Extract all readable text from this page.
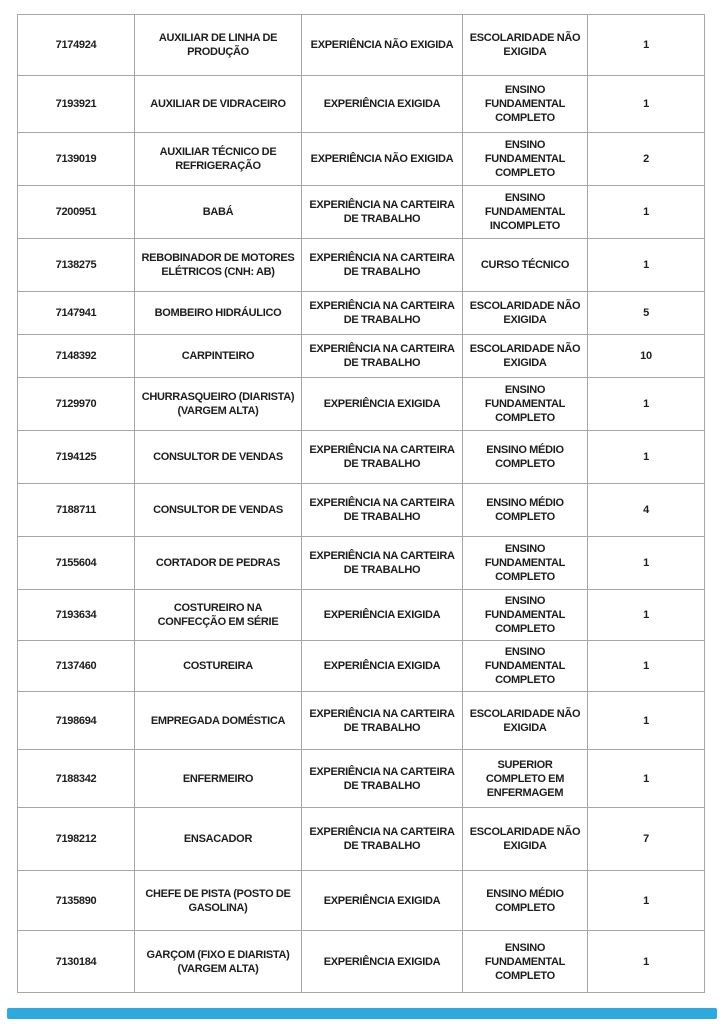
7174924	AUXILIAR DE LINHA DE PRODUÇÃO	EXPERIÊNCIA NÃO EXIGIDA	ESCOLARIDADE NÃO EXIGIDA	1
7193921	AUXILIAR DE VIDRACEIRO	EXPERIÊNCIA EXIGIDA	ENSINO FUNDAMENTAL COMPLETO	1
7139019	AUXILIAR TÉCNICO DE REFRIGERAÇÃO	EXPERIÊNCIA NÃO EXIGIDA	ENSINO FUNDAMENTAL COMPLETO	2
7200951	BABÁ	EXPERIÊNCIA NA CARTEIRA DE TRABALHO	ENSINO FUNDAMENTAL INCOMPLETO	1
7138275	REBOBINADOR DE MOTORES ELÉTRICOS (CNH: AB)	EXPERIÊNCIA NA CARTEIRA DE TRABALHO	CURSO TÉCNICO	1
7147941	BOMBEIRO HIDRÁULICO	EXPERIÊNCIA NA CARTEIRA DE TRABALHO	ESCOLARIDADE NÃO EXIGIDA	5
7148392	CARPINTEIRO	EXPERIÊNCIA NA CARTEIRA DE TRABALHO	ESCOLARIDADE NÃO EXIGIDA	10
7129970	CHURRASQUEIRO (DIARISTA) (VARGEM ALTA)	EXPERIÊNCIA EXIGIDA	ENSINO FUNDAMENTAL COMPLETO	1
7194125	CONSULTOR DE VENDAS	EXPERIÊNCIA NA CARTEIRA DE TRABALHO	ENSINO MÉDIO COMPLETO	1
7188711	CONSULTOR DE VENDAS	EXPERIÊNCIA NA CARTEIRA DE TRABALHO	ENSINO MÉDIO COMPLETO	4
7155604	CORTADOR DE PEDRAS	EXPERIÊNCIA NA CARTEIRA DE TRABALHO	ENSINO FUNDAMENTAL COMPLETO	1
7193634	COSTUREIRO NA CONFECÇÃO EM SÉRIE	EXPERIÊNCIA EXIGIDA	ENSINO FUNDAMENTAL COMPLETO	1
7137460	COSTUREIRA	EXPERIÊNCIA EXIGIDA	ENSINO FUNDAMENTAL COMPLETO	1
7198694	EMPREGADA DOMÉSTICA	EXPERIÊNCIA NA CARTEIRA DE TRABALHO	ESCOLARIDADE NÃO EXIGIDA	1
7188342	ENFERMEIRO	EXPERIÊNCIA NA CARTEIRA DE TRABALHO	SUPERIOR COMPLETO EM ENFERMAGEM	1
7198212	ENSACADOR	EXPERIÊNCIA NA CARTEIRA DE TRABALHO	ESCOLARIDADE NÃO EXIGIDA	7
7135890	CHEFE DE PISTA (POSTO DE GASOLINA)	EXPERIÊNCIA EXIGIDA	ENSINO MÉDIO COMPLETO	1
7130184	GARÇOM (FIXO E DIARISTA) (VARGEM ALTA)	EXPERIÊNCIA EXIGIDA	ENSINO FUNDAMENTAL COMPLETO	1
